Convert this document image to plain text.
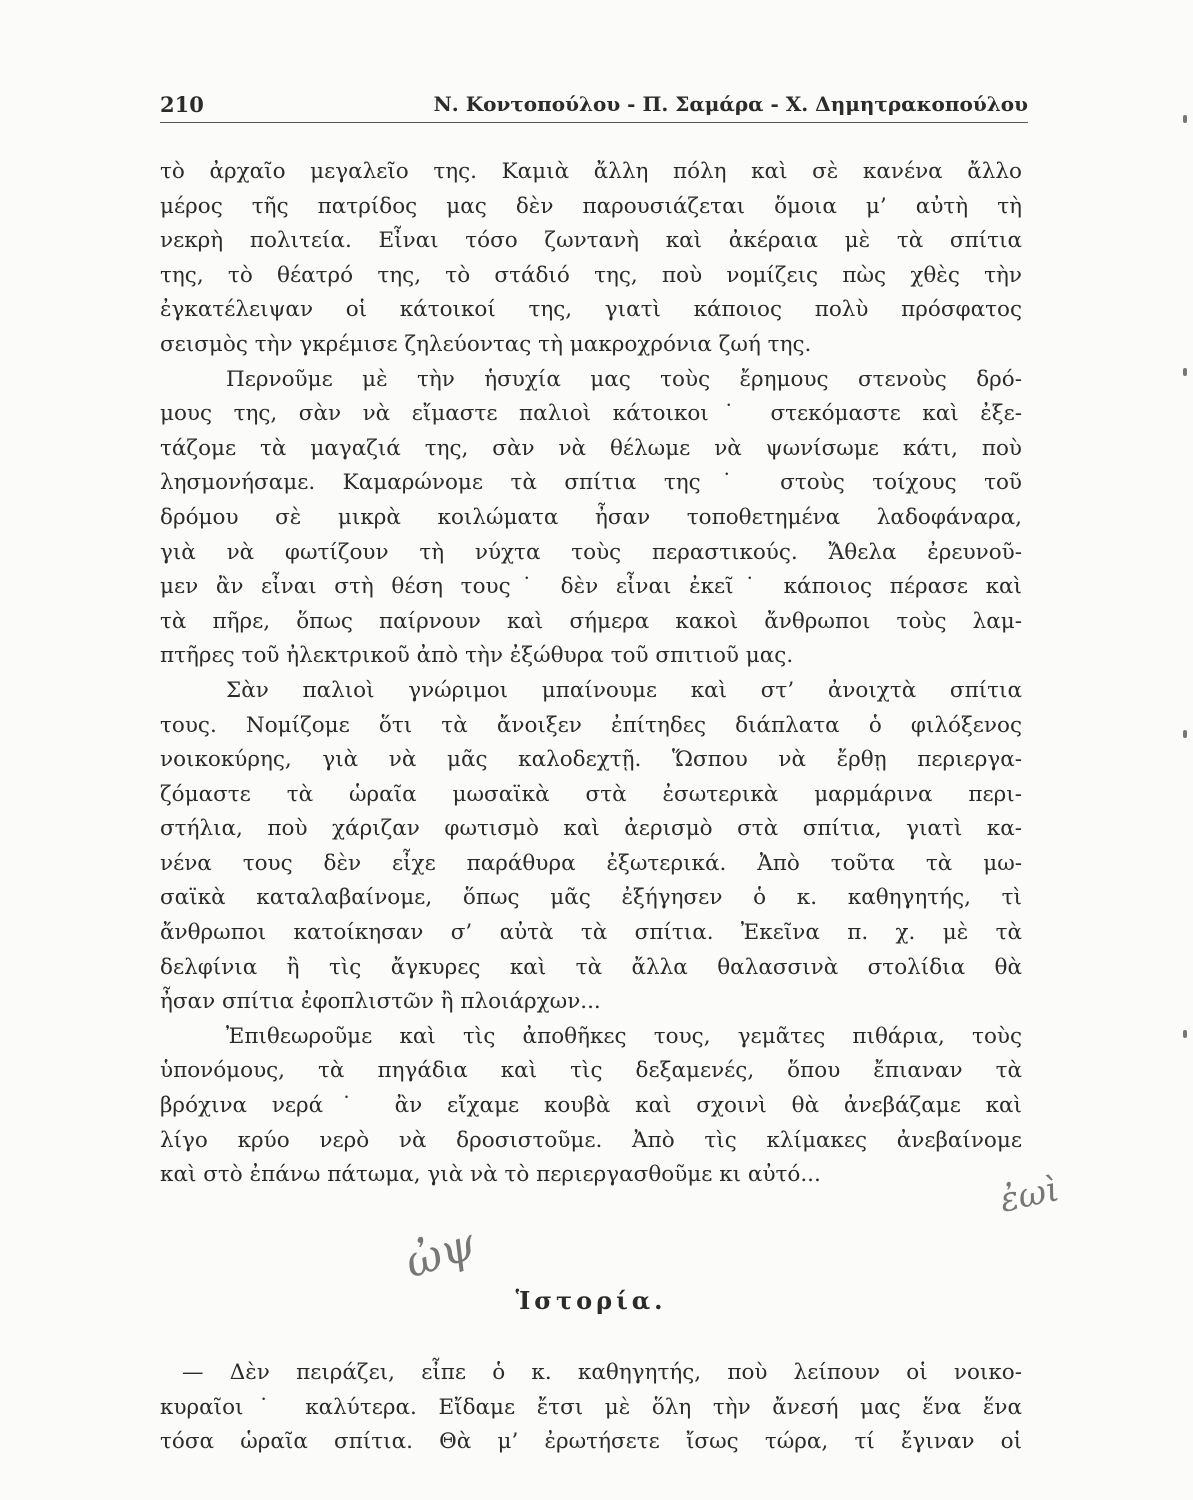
210	Ν. Κοντοπούλου - Π. Σαμάρα - Χ. Δημητρακοπούλου
τὸ ἀρχαῖο μεγαλεῖο της. Καμιὰ ἄλλη πόλη καὶ σὲ κανένα ἄλλο
μέρος τῆς πατρίδος μας δὲν παρουσιάζεται ὅμοια μ’ αὐτὴ τὴ
νεκρὴ πολιτεία. Εἶναι τόσο ζωντανὴ καὶ ἀκέραια μὲ τὰ σπίτια
της, τὸ θέατρό της, τὸ στάδιό της, ποὺ νομίζεις πὼς χθὲς τὴν
ἐγκατέλειψαν οἱ κάτοικοί της, γιατὶ κάποιος πολὺ πρόσφατος
σεισμὸς τὴν γκρέμισε ζηλεύοντας τὴ μακροχρόνια ζωή της.
Περνοῦμε μὲ τὴν ἡσυχία μας τοὺς ἔρημους στενοὺς δρό-
μους της, σὰν νὰ εἴμαστε παλιοὶ κάτοικοι˙ στεκόμαστε καὶ ἐξε-
τάζομε τὰ μαγαζιά της, σὰν νὰ θέλωμε νὰ ψωνίσωμε κάτι, ποὺ
λησμονήσαμε. Καμαρώνομε τὰ σπίτια της˙ στοὺς τοίχους τοῦ
δρόμου σὲ μικρὰ κοιλώματα ἦσαν τοποθετημένα λαδοφάναρα,
γιὰ νὰ φωτίζουν τὴ νύχτα τοὺς περαστικούς. Ἄθελα ἐρευνοῦ-
μεν ἂν εἶναι στὴ θέση τους˙ δὲν εἶναι ἐκεῖ˙ κάποιος πέρασε καὶ
τὰ πῆρε, ὅπως παίρνουν καὶ σήμερα κακοὶ ἄνθρωποι τοὺς λαμ-
πτῆρες τοῦ ἠλεκτρικοῦ ἀπὸ τὴν ἐξώθυρα τοῦ σπιτιοῦ μας.
Σὰν παλιοὶ γνώριμοι μπαίνουμε καὶ στ’ ἀνοιχτὰ σπίτια
τους. Νομίζομε ὅτι τὰ ἄνοιξεν ἐπίτηδες διάπλατα ὁ φιλόξενος
νοικοκύρης, γιὰ νὰ μᾶς καλοδεχτῇ. Ὥσπου νὰ ἔρθῃ περιεργα-
ζόμαστε τὰ ὡραῖα μωσαϊκὰ στὰ ἐσωτερικὰ μαρμάρινα περι-
στήλια, ποὺ χάριζαν φωτισμὸ καὶ ἀερισμὸ στὰ σπίτια, γιατὶ κα-
νένα τους δὲν εἶχε παράθυρα ἐξωτερικά. Ἀπὸ τοῦτα τὰ μω-
σαϊκὰ καταλαβαίνομε, ὅπως μᾶς ἐξήγησεν ὁ κ. καθηγητής, τὶ
ἄνθρωποι κατοίκησαν σ’ αὐτὰ τὰ σπίτια. Ἐκεῖνα π. χ. μὲ τὰ
δελφίνια ἢ τὶς ἄγκυρες καὶ τὰ ἄλλα θαλασσινὰ στολίδια θὰ
ἦσαν σπίτια ἐφοπλιστῶν ἢ πλοιάρχων...
Ἐπιθεωροῦμε καὶ τὶς ἀποθῆκες τους, γεμᾶτες πιθάρια, τοὺς
ὑπονόμους, τὰ πηγάδια καὶ τὶς δεξαμενές, ὅπου ἔπιαναν τὰ
βρόχινα νερά˙ ἂν εἴχαμε κουβὰ καὶ σχοινὶ θὰ ἀνεβάζαμε καὶ
λίγο κρύο νερὸ νὰ δροσιστοῦμε. Ἀπὸ τὶς κλίμακες ἀνεβαίνομε
καὶ στὸ ἐπάνω πάτωμα, γιὰ νὰ τὸ περιεργασθοῦμε κι αὐτό...
Ἱστορία.
— Δὲν πειράζει, εἶπε ὁ κ. καθηγητής, ποὺ λείπουν οἱ νοικο-
κυραῖοι˙ καλύτερα. Εἴδαμε ἔτσι μὲ ὅλη τὴν ἄνεσή μας ἕνα ἕνα
τόσα ὡραῖα σπίτια. Θὰ μ’ ἐρωτήσετε ἴσως τώρα, τί ἔγιναν οἱ
ἐωὶ
ὠψ
